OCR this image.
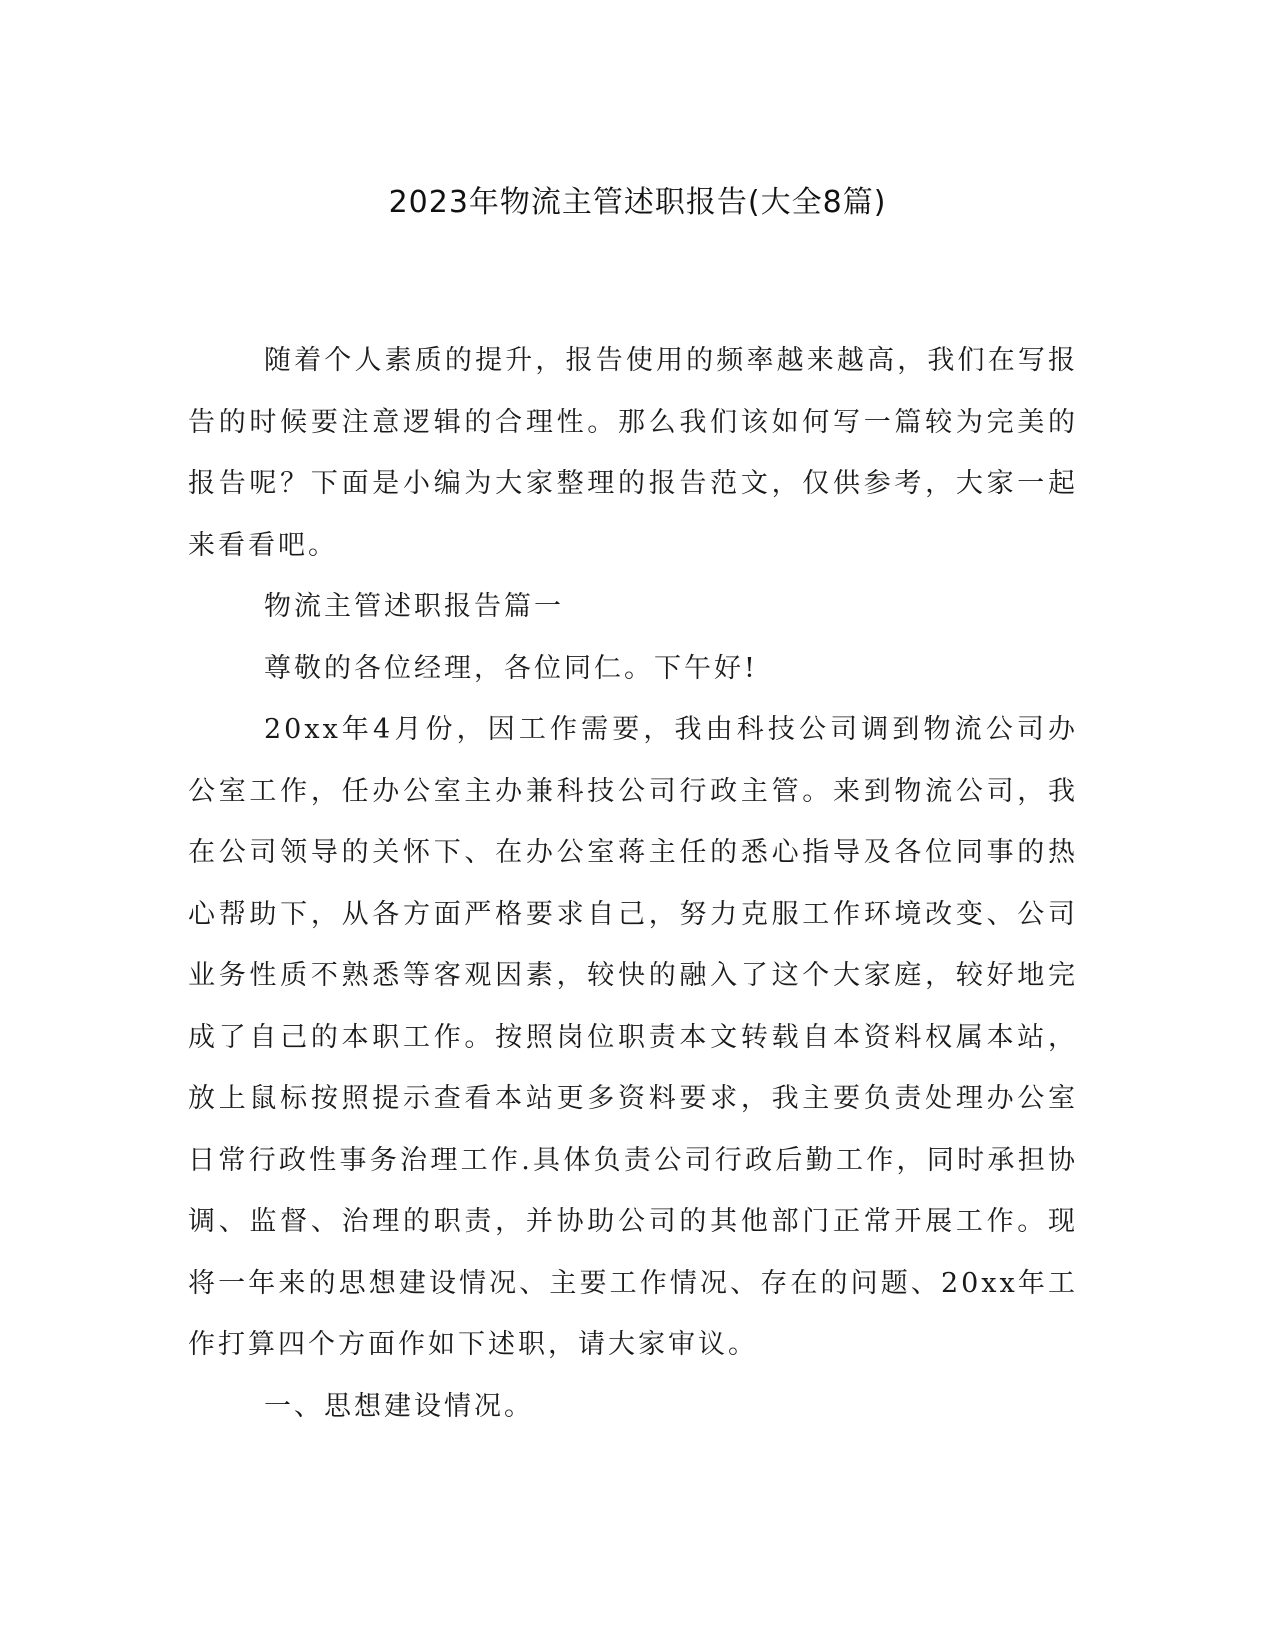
2023年物流主管述职报告(大全8篇)

随着个人素质的提升，报告使用的频率越来越高，我们在写报告的时候要注意逻辑的合理性。那么我们该如何写一篇较为完美的报告呢？下面是小编为大家整理的报告范文，仅供参考，大家一起来看看吧。

物流主管述职报告篇一

尊敬的各位经理，各位同仁。下午好!

20xx年4月份，因工作需要，我由科技公司调到物流公司办公室工作，任办公室主办兼科技公司行政主管。来到物流公司，我在公司领导的关怀下、在办公室蒋主任的悉心指导及各位同事的热心帮助下，从各方面严格要求自己，努力克服工作环境改变、公司业务性质不熟悉等客观因素，较快的融入了这个大家庭，较好地完成了自己的本职工作。按照岗位职责本文转载自本资料权属本站，放上鼠标按照提示查看本站更多资料要求，我主要负责处理办公室日常行政性事务治理工作.具体负责公司行政后勤工作，同时承担协调、监督、治理的职责，并协助公司的其他部门正常开展工作。现将一年来的思想建设情况、主要工作情况、存在的问题、20xx年工作打算四个方面作如下述职，请大家审议。

一、思想建设情况。
